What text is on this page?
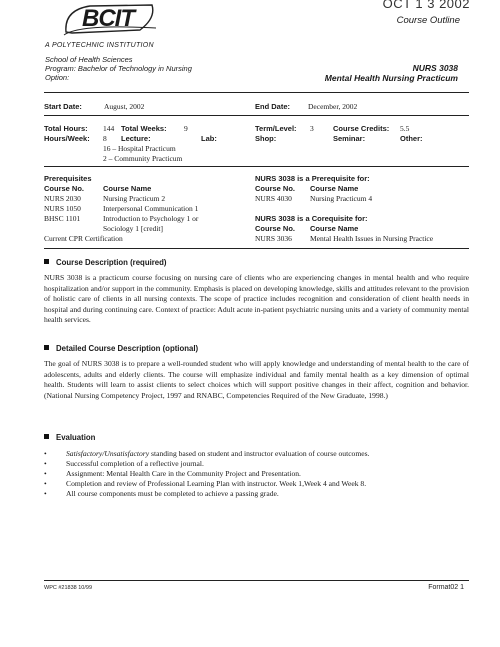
OCT 1 3 2002
BCIT
A POLYTECHNIC INSTITUTION
Course Outline
School of Health Sciences
Program: Bachelor of Technology in Nursing
Option:
NURS 3038
Mental Health Nursing Practicum
Start Date:	August, 2002	End Date: December, 2002
Total Hours: 144 Total Weeks: 9	Term/Level: 3	Course Credits: 5.5
Hours/Week: 8 Lecture:	Lab:	Shop:	Seminar:	Other:
16 – Hospital Practicum
2 – Community Practicum
Prerequisites
Course No.	Course Name
NURS 2030	Nursing Practicum 2
NURS 1050	Interpersonal Communication 1
BHSC 1101	Introduction to Psychology 1 or
Sociology 1 [credit]
Current CPR Certification
NURS 3038 is a Prerequisite for:
Course No. Course Name
NURS 4030 Nursing Practicum 4
NURS 3038 is a Corequisite for:
Course No. Course Name
NURS 3036 Mental Health Issues in Nursing Practice
Course Description (required)
NURS 3038 is a practicum course focusing on nursing care of clients who are experiencing changes in mental health and who require hospitalization and/or support in the community. Emphasis is placed on developing knowledge, skills and attitudes relevant to the provision of holistic care of clients in all nursing contexts. The scope of practice includes recognition and consideration of client health needs in hospital and during continuing care. Context of practice: Adult acute in-patient psychiatric nursing units and a variety of community mental health services.
Detailed Course Description (optional)
The goal of NURS 3038 is to prepare a well-rounded student who will apply knowledge and understanding of mental health to the care of adolescents, adults and elderly clients. The course will emphasize individual and family mental health as a key dimension of optimal health. Students will learn to assist clients to select choices which will support positive changes in their affect, cognition and behavior. (National Nursing Competency Project, 1997 and RNABC, Competencies Required of the New Graduate, 1998.)
Evaluation
•	Satisfactory/Unsatisfactory standing based on student and instructor evaluation of course outcomes.
•	Successful completion of a reflective journal.
•	Assignment: Mental Health Care in the Community Project and Presentation.
•	Completion and review of Professional Learning Plan with instructor. Week 1,Week 4 and Week 8.
•	All course components must be completed to achieve a passing grade.
WPC #21838 10/99	Format02 1
